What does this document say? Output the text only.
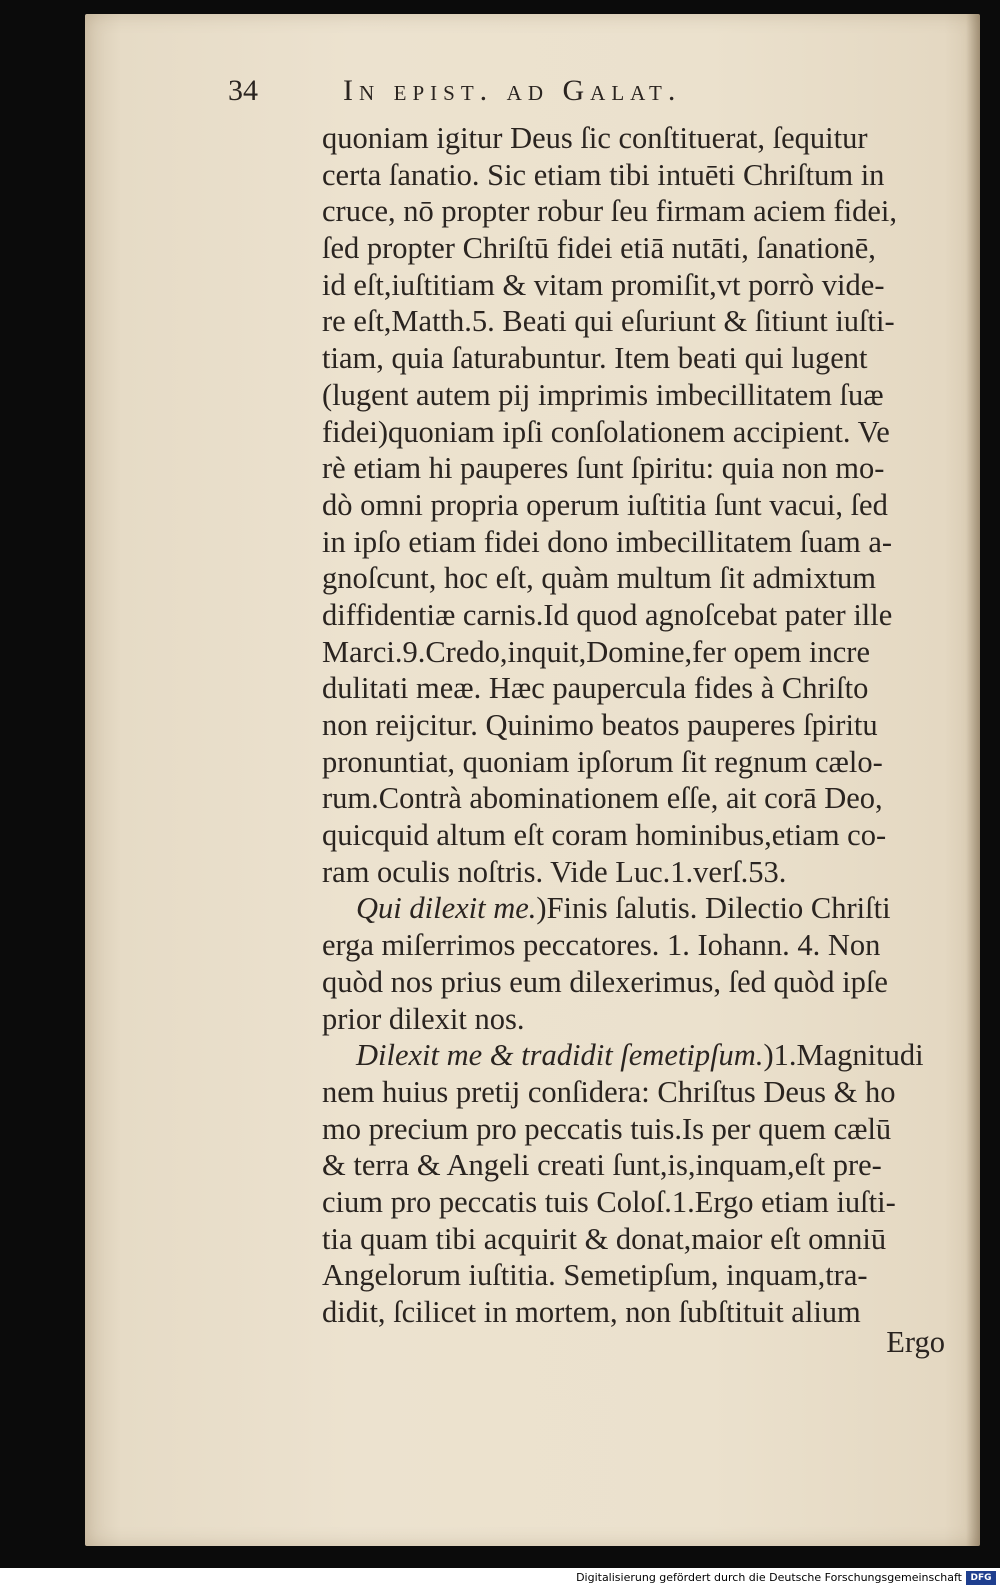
34	In epist. ad Galat.
quoniam igitur Deus ſic conſtituerat, ſequitur
certa ſanatio. Sic etiam tibi intuēti Chriſtum in
cruce, nō propter robur ſeu firmam aciem fidei,
ſed propter Chriſtū fidei etiā nutāti, ſanationē,
id eſt,iuſtitiam & vitam promiſit,vt porrò vide-
re eſt,Matth.5. Beati qui eſuriunt & ſitiunt iuſti-
tiam, quia ſaturabuntur. Item beati qui lugent
(lugent autem pij imprimis imbecillitatem ſuæ
fidei)quoniam ipſi conſolationem accipient. Ve
rè etiam hi pauperes ſunt ſpiritu: quia non mo-
dò omni propria operum iuſtitia ſunt vacui, ſed
in ipſo etiam fidei dono imbecillitatem ſuam a-
gnoſcunt, hoc eſt, quàm multum ſit admixtum
diffidentiæ carnis.Id quod agnoſcebat pater ille
Marci.9.Credo,inquit,Domine,fer opem incre
dulitati meæ. Hæc paupercula fides à Chriſto
non reijcitur. Quinimo beatos pauperes ſpiritu
pronuntiat, quoniam ipſorum ſit regnum cælo-
rum.Contrà abominationem eſſe, ait corā Deo,
quicquid altum eſt coram hominibus,etiam co-
ram oculis noſtris. Vide Luc.1.verſ.53.
Qui dilexit me.)Finis ſalutis. Dilectio Chriſti
erga miſerrimos peccatores. 1. Iohann. 4. Non
quòd nos prius eum dilexerimus, ſed quòd ipſe
prior dilexit nos.
Dilexit me & tradidit ſemetipſum.)1.Magnitudi
nem huius pretij conſidera: Chriſtus Deus & ho
mo precium pro peccatis tuis.Is per quem cælū
& terra & Angeli creati ſunt,is,inquam,eſt pre-
cium pro peccatis tuis Coloſ.1.Ergo etiam iuſti-
tia quam tibi acquirit & donat,maior eſt omniū
Angelorum iuſtitia. Semetipſum, inquam,tra-
didit, ſcilicet in mortem, non ſubſtituit alium
Ergo
Digitalisierung gefördert durch die Deutsche Forschungsgemeinschaft DFG
